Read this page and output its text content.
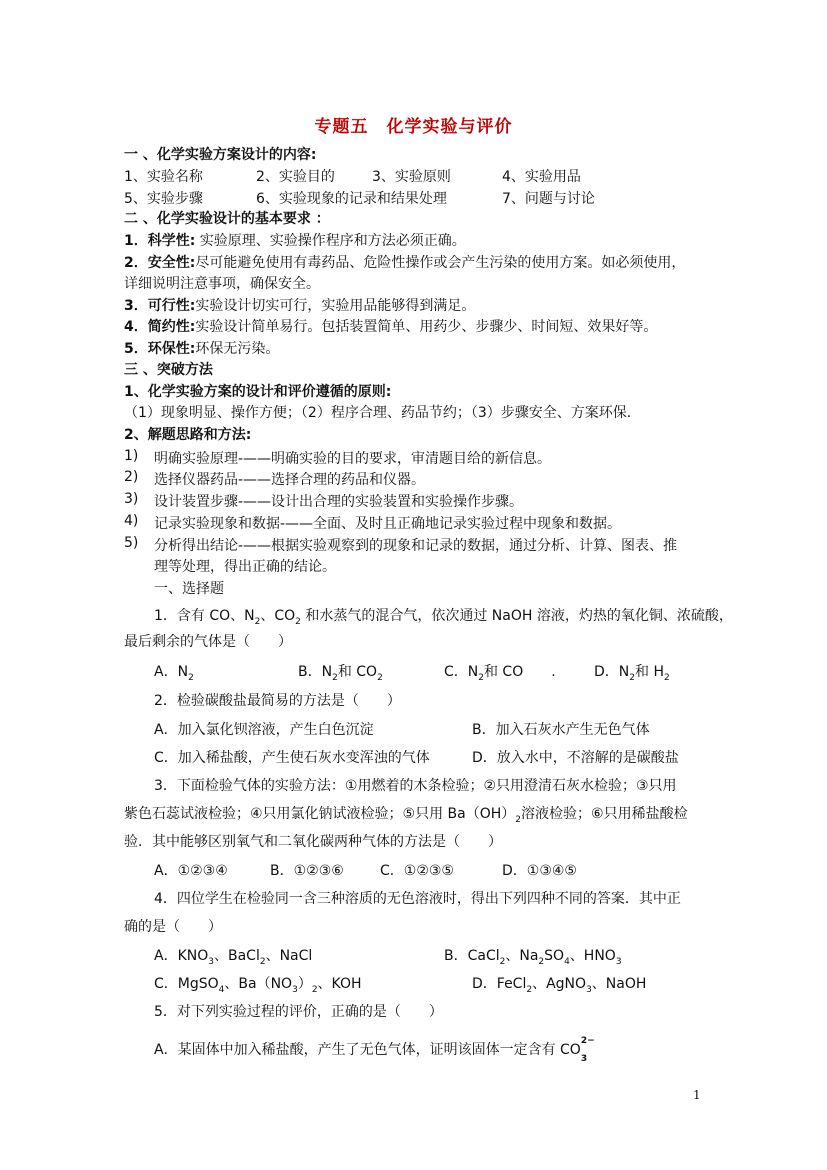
专题五　化学实验与评价
一 、化学实验方案设计的内容:
1、实验名称	2、实验目的	3、实验原则	4、实验用品
5、实验步骤	6、实验现象的记录和结果处理	7、问题与讨论
二 、化学实验设计的基本要求 ：
1．科学性: 实验原理、实验操作程序和方法必须正确。
2．安全性:尽可能避免使用有毒药品、危险性操作或会产生污染的使用方案。如必须使用，
详细说明注意事项，确保安全。
3．可行性:实验设计切实可行，实验用品能够得到满足。
4．简约性:实验设计简单易行。包括装置简单、用药少、步骤少、时间短、效果好等。
5．环保性:环保无污染。
三 、突破方法
1、化学实验方案的设计和评价遵循的原则:
（1）现象明显、操作方便；（2）程序合理、药品节约；（3）步骤安全、方案环保.
2、解题思路和方法:
1) 明确实验原理-——明确实验的目的要求，审清题目给的新信息。
2) 选择仪器药品-——选择合理的药品和仪器。
3) 设计装置步骤-——设计出合理的实验装置和实验操作步骤。
4) 记录实验现象和数据-——全面、及时且正确地记录实验过程中现象和数据。
5) 分析得出结论-——根据实验观察到的现象和记录的数据，通过分析、计算、图表、推
理等处理，得出正确的结论。
一、选择题
1．含有 CO、$N_2$、$CO_2$ 和水蒸气的混合气，依次通过 NaOH 溶液，灼热的氧化铜、浓硫酸，
最后剩余的气体是（　　）
A．$N_2$	B．$N_2$和 $CO_2$	C．$N_2$和 CO　　.	D．$N_2$和 $H_2$
2．检验碳酸盐最简易的方法是（　　）
A．加入氯化钡溶液，产生白色沉淀	B．加入石灰水产生无色气体
C．加入稀盐酸，产生使石灰水变浑浊的气体	D．放入水中，不溶解的是碳酸盐
3．下面检验气体的实验方法：①用燃着的木条检验；②只用澄清石灰水检验；③只用
紫色石蕊试液检验；④只用氯化钠试液检验；⑤只用 $Ba(OH)_2$溶液检验；⑥只用稀盐酸检
验．其中能够区别氧气和二氧化碳两种气体的方法是（　　）
A．①②③④	B．①②③⑥	C．①②③⑤	D．①③④⑤
4．四位学生在检验同一含三种溶质的无色溶液时，得出下列四种不同的答案．其中正
确的是（　　）
A．$KNO_3$、BaCl$_2$、NaCl	B．CaCl$_2$、$Na_2SO_4$、$HNO_3$
C．MgSO$_4$、$Ba(NO_3)_2$、KOH	D．FeCl$_2$、AgNO$_3$、NaOH
5．对下列实验过程的评价，正确的是（　　）
A．某固体中加入稀盐酸，产生了无色气体，证明该固体一定含有 CO
2−
3
1
